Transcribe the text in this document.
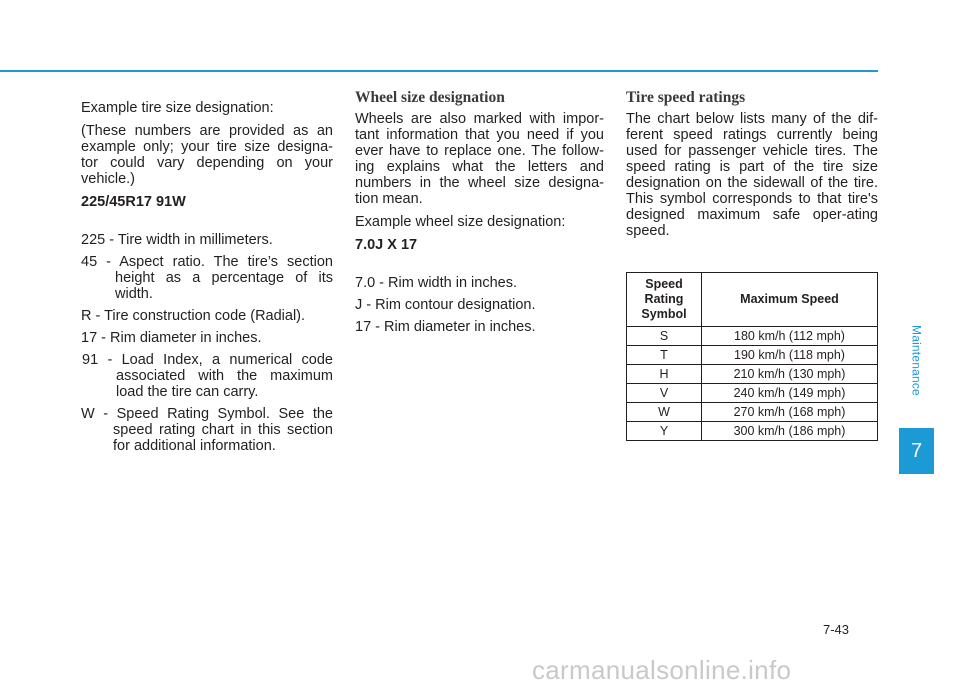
Example tire size designation:

(These numbers are provided as an example only; your tire size designa-tor could vary depending on your vehicle.)

225/45R17 91W

225 - Tire width in millimeters.
45 - Aspect ratio. The tire’s section height as a percentage of its width.
R - Tire construction code (Radial).
17 - Rim diameter in inches.
91 - Load Index, a numerical code associated with the maximum load the tire can carry.
W - Speed Rating Symbol. See the speed rating chart in this section for additional information.
Wheel size designation

Wheels are also marked with impor-tant information that you need if you ever have to replace one. The follow-ing explains what the letters and numbers in the wheel size designa-tion mean.

Example wheel size designation:

7.0J X 17

7.0 - Rim width in inches.
J - Rim contour designation.
17 - Rim diameter in inches.
Tire speed ratings

The chart below lists many of the dif-ferent speed ratings currently being used for passenger vehicle tires. The speed rating is part of the tire size designation on the sidewall of the tire. This symbol corresponds to that tire's designed maximum safe oper-ating speed.

Speed Rating Symbol	Maximum Speed
S	180 km/h (112 mph)
T	190 km/h (118 mph)
H	210 km/h (130 mph)
V	240 km/h (149 mph)
W	270 km/h (168 mph)
Y	300 km/h (186 mph)
Maintenance
7
7-43
carmanualsonline.info
